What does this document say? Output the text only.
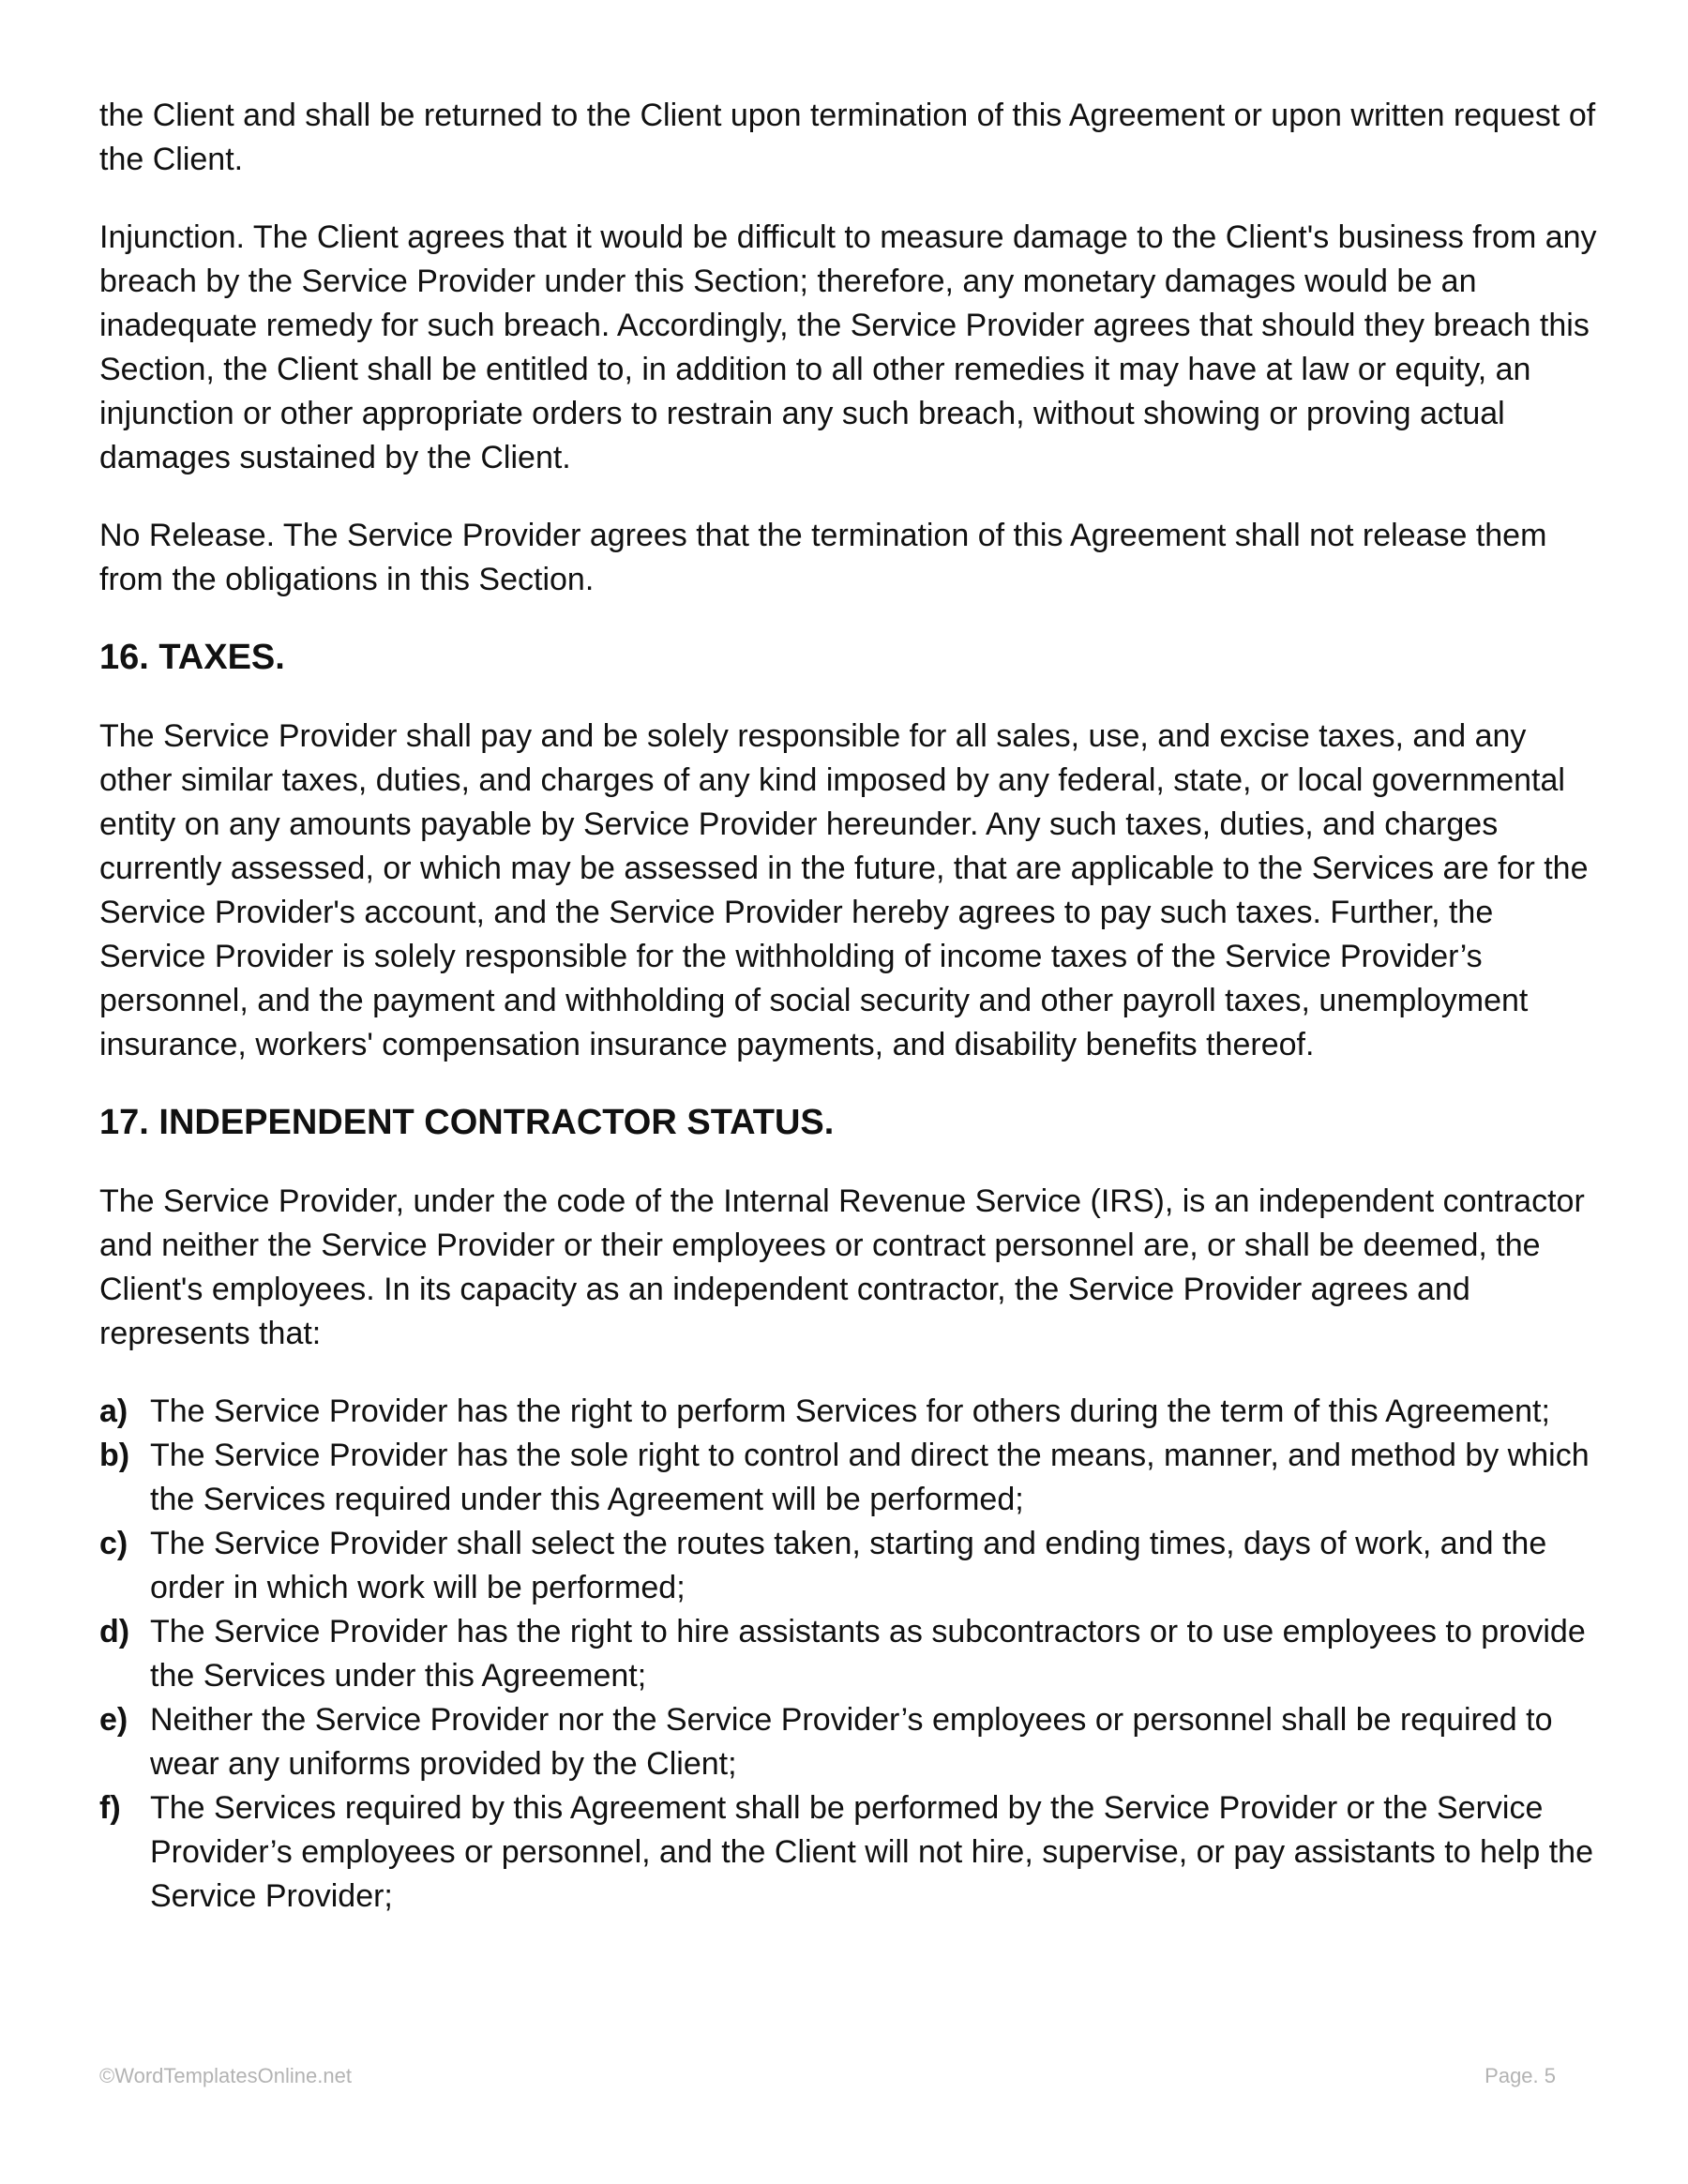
the Client and shall be returned to the Client upon termination of this Agreement or upon written request of the Client.

Injunction. The Client agrees that it would be difficult to measure damage to the Client's business from any breach by the Service Provider under this Section; therefore, any monetary damages would be an inadequate remedy for such breach. Accordingly, the Service Provider agrees that should they breach this Section, the Client shall be entitled to, in addition to all other remedies it may have at law or equity, an injunction or other appropriate orders to restrain any such breach, without showing or proving actual damages sustained by the Client.

No Release. The Service Provider agrees that the termination of this Agreement shall not release them from the obligations in this Section.

16. TAXES.

The Service Provider shall pay and be solely responsible for all sales, use, and excise taxes, and any other similar taxes, duties, and charges of any kind imposed by any federal, state, or local governmental entity on any amounts payable by Service Provider hereunder. Any such taxes, duties, and charges currently assessed, or which may be assessed in the future, that are applicable to the Services are for the Service Provider's account, and the Service Provider hereby agrees to pay such taxes. Further, the Service Provider is solely responsible for the withholding of income taxes of the Service Provider’s personnel, and the payment and withholding of social security and other payroll taxes, unemployment insurance, workers' compensation insurance payments, and disability benefits thereof.

17. INDEPENDENT CONTRACTOR STATUS.

The Service Provider, under the code of the Internal Revenue Service (IRS), is an independent contractor and neither the Service Provider or their employees or contract personnel are, or shall be deemed, the Client's employees. In its capacity as an independent contractor, the Service Provider agrees and represents that:

a) The Service Provider has the right to perform Services for others during the term of this Agreement;
b) The Service Provider has the sole right to control and direct the means, manner, and method by which the Services required under this Agreement will be performed;
c) The Service Provider shall select the routes taken, starting and ending times, days of work, and the order in which work will be performed;
d) The Service Provider has the right to hire assistants as subcontractors or to use employees to provide the Services under this Agreement;
e) Neither the Service Provider nor the Service Provider’s employees or personnel shall be required to wear any uniforms provided by the Client;
f) The Services required by this Agreement shall be performed by the Service Provider or the Service Provider’s employees or personnel, and the Client will not hire, supervise, or pay assistants to help the Service Provider;
©WordTemplatesOnline.net	Page. 5
